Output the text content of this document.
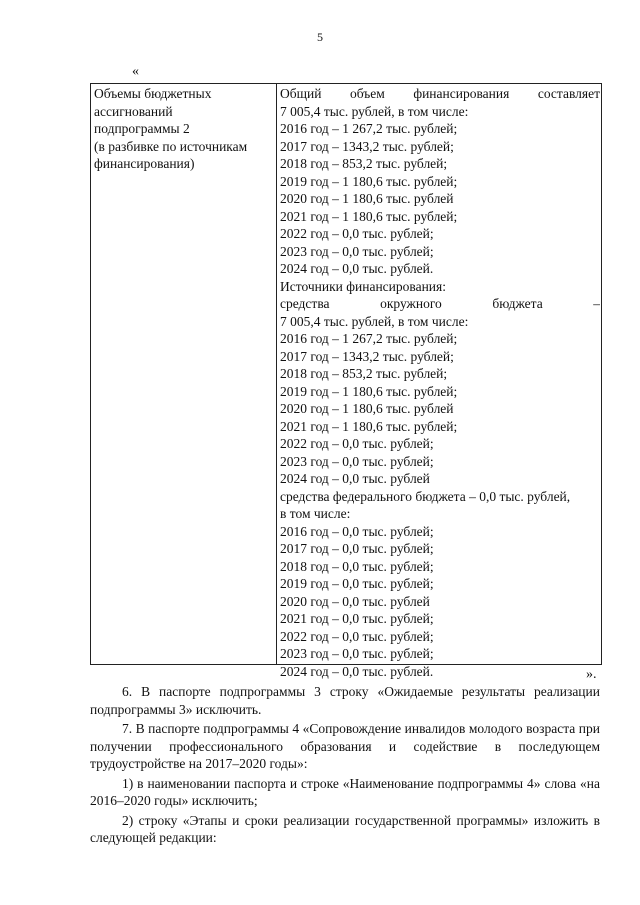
5
«
Объемы бюджетных
ассигнований
подпрограммы 2
(в разбивке по источникам
финансирования)
Общий объем финансирования составляет
7 005,4 тыс. рублей, в том числе:
2016 год – 1 267,2 тыс. рублей;
2017 год – 1343,2 тыс. рублей;
2018 год – 853,2 тыс. рублей;
2019 год – 1 180,6 тыс. рублей;
2020 год – 1 180,6 тыс. рублей
2021 год – 1 180,6 тыс. рублей;
2022 год – 0,0 тыс. рублей;
2023 год – 0,0 тыс. рублей;
2024 год – 0,0 тыс. рублей.
Источники финансирования:
средства окружного бюджета –
7 005,4 тыс. рублей, в том числе:
2016 год – 1 267,2 тыс. рублей;
2017 год – 1343,2 тыс. рублей;
2018 год – 853,2 тыс. рублей;
2019 год – 1 180,6 тыс. рублей;
2020 год – 1 180,6 тыс. рублей
2021 год – 1 180,6 тыс. рублей;
2022 год – 0,0 тыс. рублей;
2023 год – 0,0 тыс. рублей;
2024 год – 0,0 тыс. рублей
средства федерального бюджета – 0,0 тыс. рублей,
в том числе:
2016 год – 0,0 тыс. рублей;
2017 год – 0,0 тыс. рублей;
2018 год – 0,0 тыс. рублей;
2019 год – 0,0 тыс. рублей;
2020 год – 0,0 тыс. рублей
2021 год – 0,0 тыс. рублей;
2022 год – 0,0 тыс. рублей;
2023 год – 0,0 тыс. рублей;
2024 год – 0,0 тыс. рублей.	».

6. В паспорте подпрограммы 3 строку «Ожидаемые результаты реализации подпрограммы 3» исключить.

7. В паспорте подпрограммы 4 «Сопровождение инвалидов молодого возраста при получении профессионального образования и содействие в последующем трудоустройстве на 2017–2020 годы»:

1) в наименовании паспорта и строке «Наименование подпрограммы 4» слова «на 2016–2020 годы» исключить;

2) строку «Этапы и сроки реализации государственной программы» изложить в следующей редакции:
